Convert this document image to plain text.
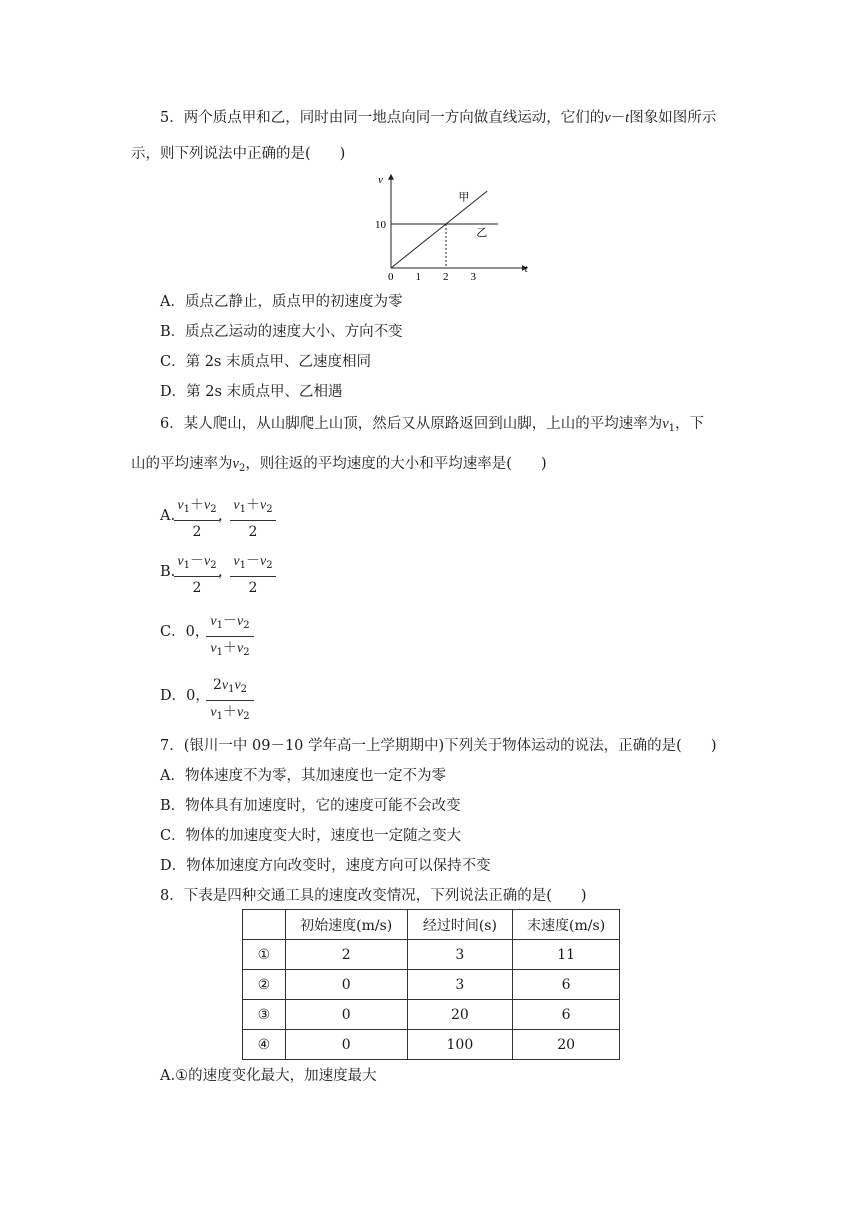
5．两个质点甲和乙，同时由同一地点向同一方向做直线运动，它们的v－t图象如图所示
示，则下列说法中正确的是(　　)
t
v
0 1 2 3
10
甲
乙
A．质点乙静止，质点甲的初速度为零
B．质点乙运动的速度大小、方向不变
C．第 2s 末质点甲、乙速度相同
D．第 2s 末质点甲、乙相遇
6．某人爬山，从山脚爬上山顶，然后又从原路返回到山脚，上山的平均速率为$v_1$，下
山的平均速率为$v_2$，则往返的平均速度的大小和平均速率是(　　)
A.
$\frac{v_1+v_2}{2}$
，
$\frac{v_1+v_2}{2}$
B.
$\frac{v_1-v_2}{2}$
，
$\frac{v_1-v_2}{2}$
C．0，
$\frac{v_1-v_2}{v_1+v_2}$
D．0，
$\frac{2v_1v_2}{v_1+v_2}$
7．(银川一中 09－10 学年高一上学期期中)下列关于物体运动的说法，正确的是(　　)
A．物体速度不为零，其加速度也一定不为零
B．物体具有加速度时，它的速度可能不会改变
C．物体的加速度变大时，速度也一定随之变大
D．物体加速度方向改变时，速度方向可以保持不变
8．下表是四种交通工具的速度改变情况，下列说法正确的是(　　)
	初始速度(m/s)	经过时间(s)	末速度(m/s)
①	2	3	11
②	0	3	6
③	0	20	6
④	0	100	20
A.①的速度变化最大，加速度最大
